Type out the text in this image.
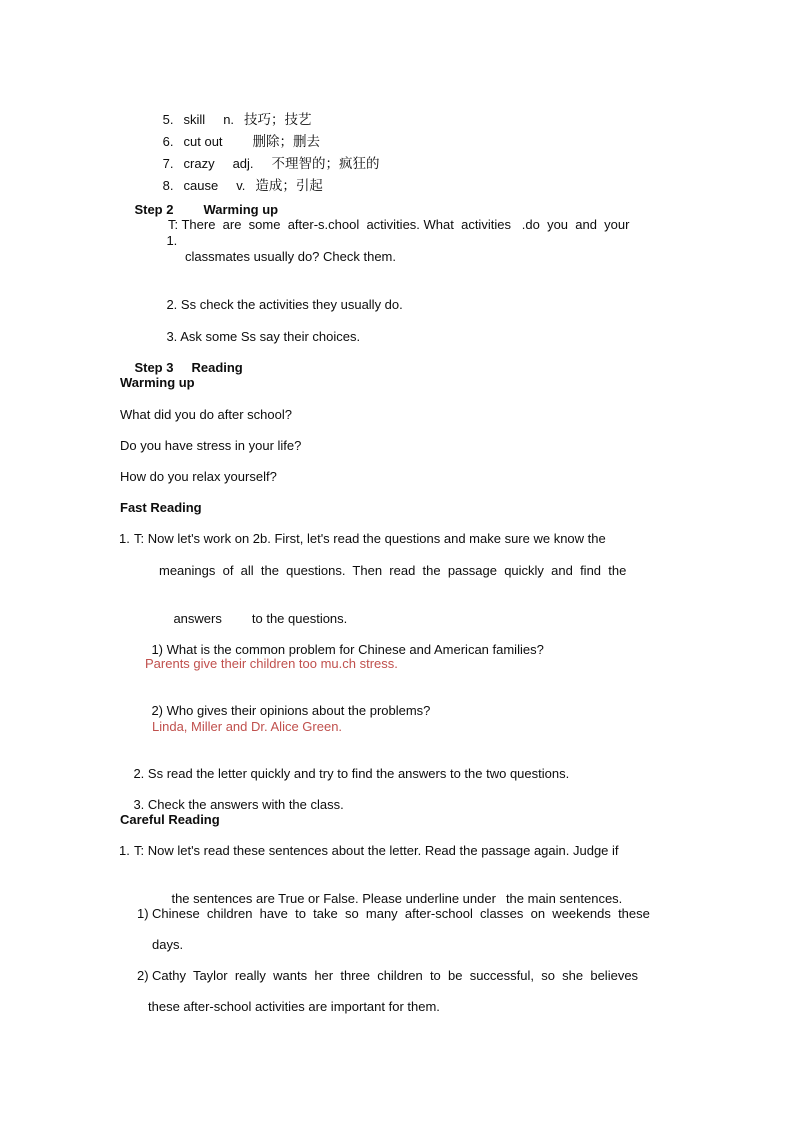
5. skill n. 技巧；技艺

6. cut out 删除；删去

7. crazy adj. 不理智的；疯狂的

8. cause v. 造成；引起

Step 2 Warming up

1.

T: There  are  some  after-s.chool  activities. What  activities   .do  you  and  your
classmates usually do? Check them.

2. Ss check the activities they usually do.

3. Ask some Ss say their choices.

Step 3 Reading

Warming up
What did you do after school?
Do you have stress in your life?
How do you relax yourself?
Fast Reading
1. T: Now let's work on 2b. First, let's read the questions and make sure we know the
meanings  of  all  the  questions.  Then  read  the  passage  quickly  and  find  the

answers to the questions.

1) What is the common problem for Chinese and American families?

Parents give their children too mu.ch stress.

2) Who gives their opinions about the problems?

Linda, Miller and Dr. Alice Green.

2. Ss read the letter quickly and try to find the answers to the two questions.

3. Check the answers with the class.

Careful Reading
1. T: Now let's read these sentences about the letter. Read the passage again. Judge if

the sentences are True or False. Please underline under the main sentences.

1) Chinese  children  have  to  take  so  many  after-school  classes  on  weekends  these
days.
2) Cathy  Taylor  really  wants  her  three  children  to  be  successful,  so  she  believes
these after-school activities are important for them.
